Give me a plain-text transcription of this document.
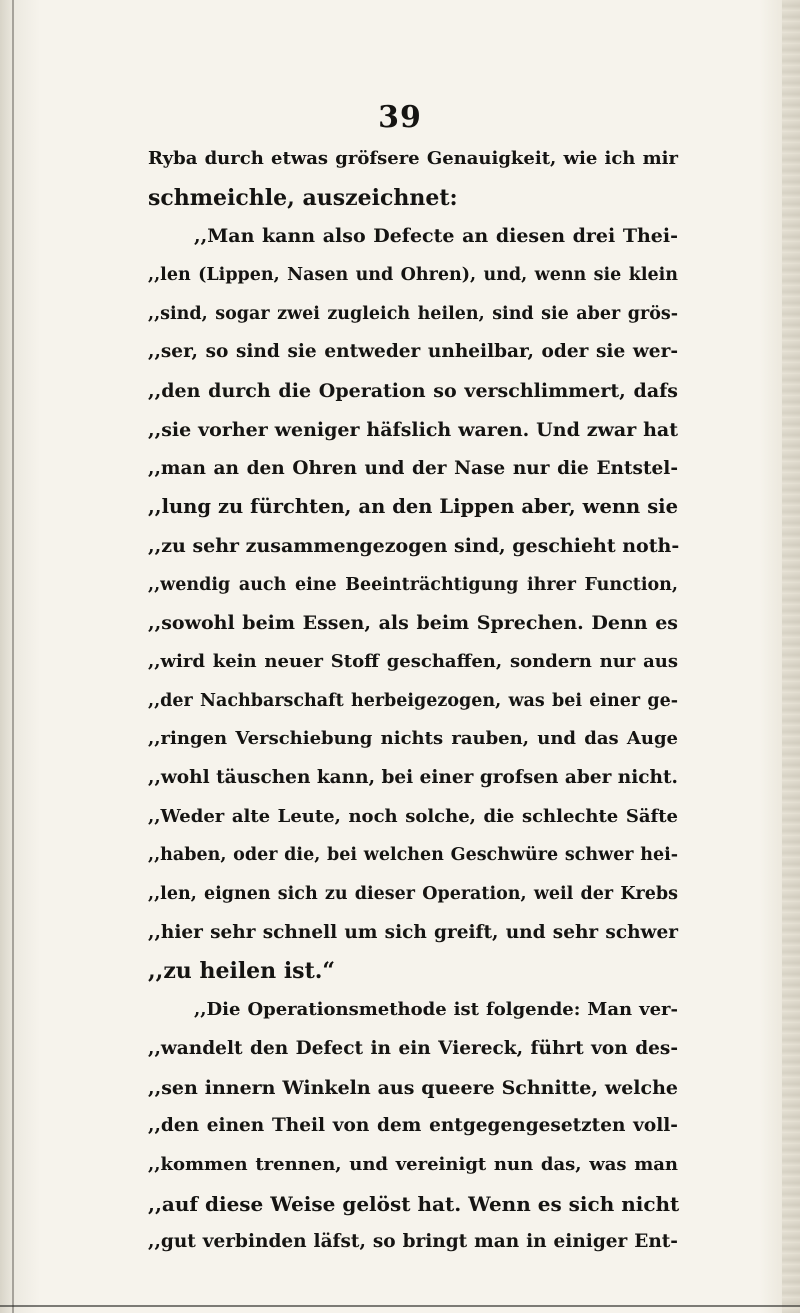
39
Ryba durch etwas gröfsere Genauigkeit, wie ich mir
schmeichle, auszeichnet:
,,Man kann also Defecte an diesen drei Thei-
,,len (Lippen, Nasen und Ohren), und, wenn sie klein
,,sind, sogar zwei zugleich heilen, sind sie aber grös-
,,ser, so sind sie entweder unheilbar, oder sie wer-
,,den durch die Operation so verschlimmert, dafs
,,sie vorher weniger häfslich waren. Und zwar hat
,,man an den Ohren und der Nase nur die Entstel-
,,lung zu fürchten, an den Lippen aber, wenn sie
,,zu sehr zusammengezogen sind, geschieht noth-
,,wendig auch eine Beeinträchtigung ihrer Function,
,,sowohl beim Essen, als beim Sprechen. Denn es
,,wird kein neuer Stoff geschaffen, sondern nur aus
,,der Nachbarschaft herbeigezogen, was bei einer ge-
,,ringen Verschiebung nichts rauben, und das Auge
,,wohl täuschen kann, bei einer grofsen aber nicht.
,,Weder alte Leute, noch solche, die schlechte Säfte
,,haben, oder die, bei welchen Geschwüre schwer hei-
,,len, eignen sich zu dieser Operation, weil der Krebs
,,hier sehr schnell um sich greift, und sehr schwer
,,zu heilen ist.“
,,Die Operationsmethode ist folgende: Man ver-
,,wandelt den Defect in ein Viereck, führt von des-
,,sen innern Winkeln aus queere Schnitte, welche
,,den einen Theil von dem entgegengesetzten voll-
,,kommen trennen, und vereinigt nun das, was man
,,auf diese Weise gelöst hat. Wenn es sich nicht
,,gut verbinden läfst, so bringt man in einiger Ent-
